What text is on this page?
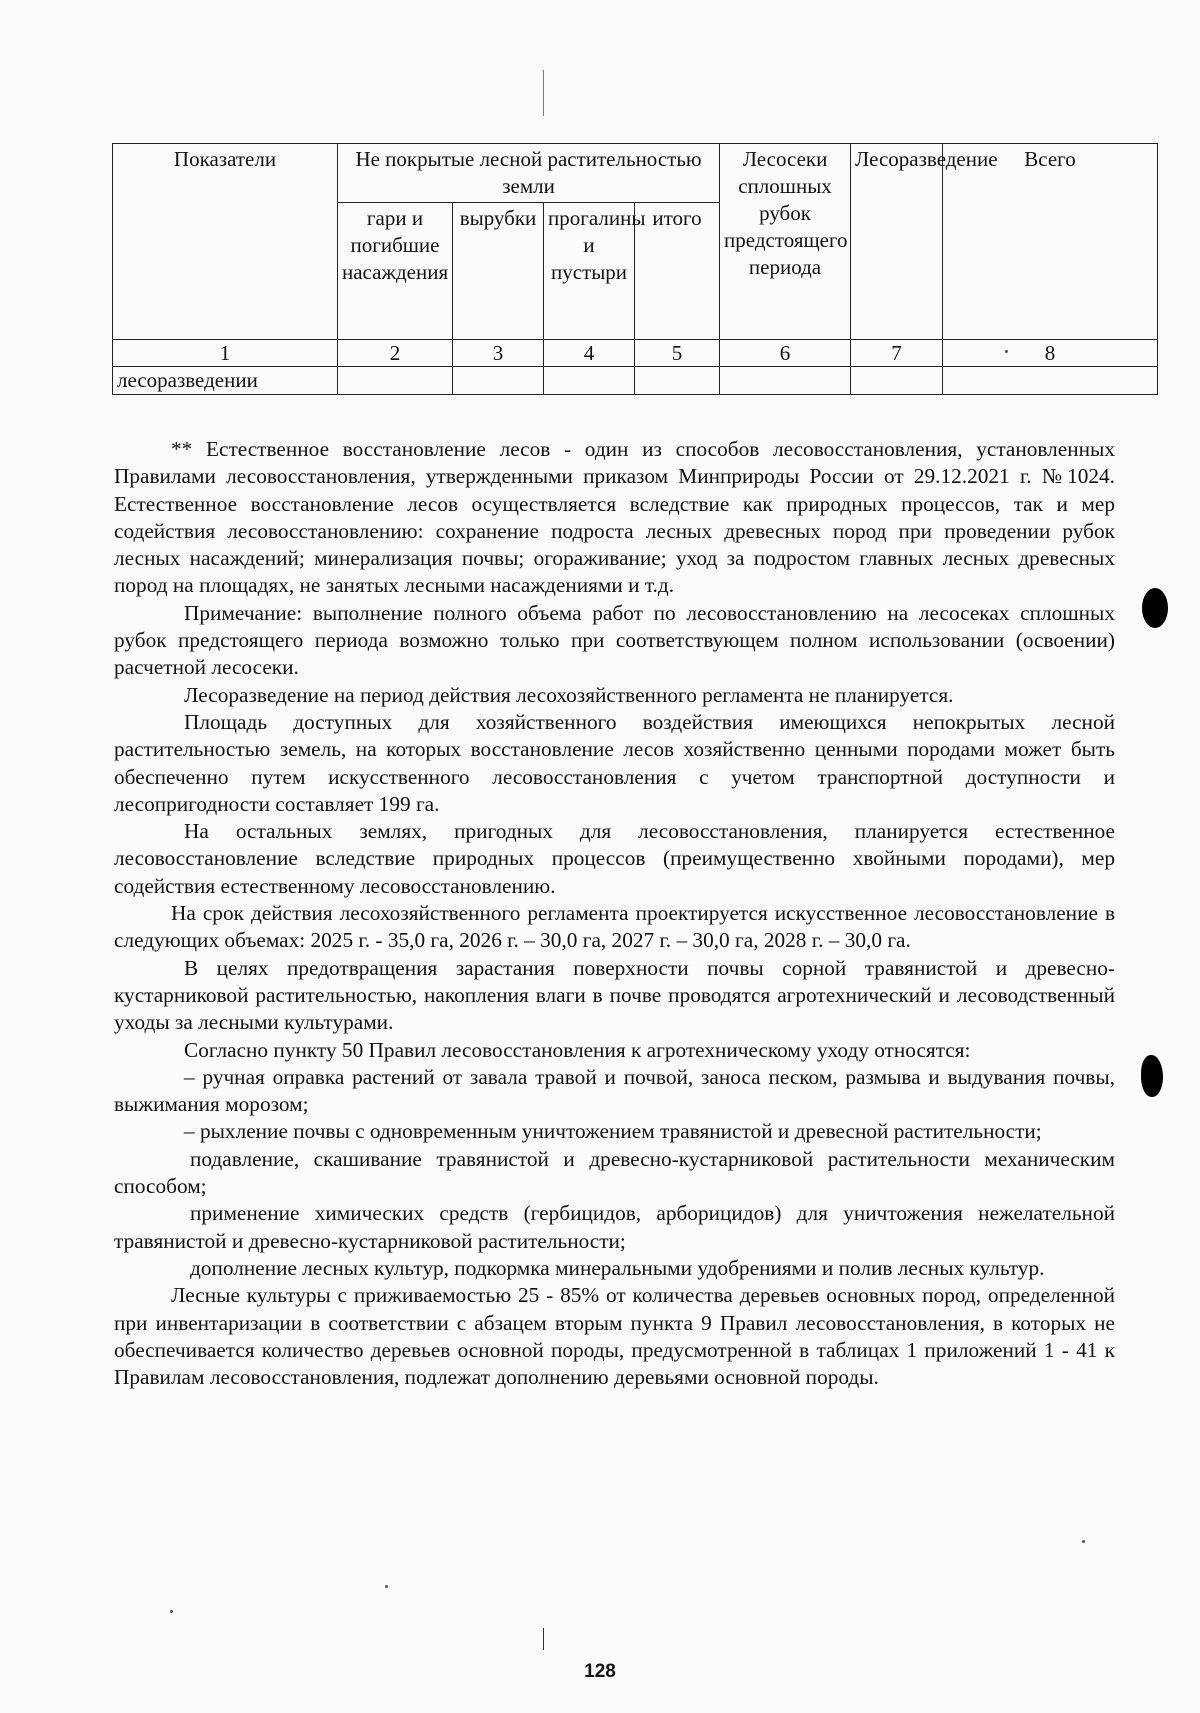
Показатели	Не покрытые лесной растительностью земли				Лесосеки сплошных рубок предстоящего периода	Лесоразведение	Всего
	гари и погибшие насаждения	вырубки	прогалины и пустыри	итого			
1	2	3	4	5	6	7	8
лесоразведении							

** Естественное восстановление лесов - один из способов лесовосстановления, установленных Правилами лесовосстановления, утвержденными приказом Минприроды России от 29.12.2021 г. №1024. Естественное восстановление лесов осуществляется вследствие как природных процессов, так и мер содействия лесовосстановлению: сохранение подроста лесных древесных пород при проведении рубок лесных насаждений; минерализация почвы; огораживание; уход за подростом главных лесных древесных пород на площадях, не занятых лесными насаждениями и т.д.

Примечание: выполнение полного объема работ по лесовосстановлению на лесосеках сплошных рубок предстоящего периода возможно только при соответствующем полном использовании (освоении) расчетной лесосеки.

Лесоразведение на период действия лесохозяйственного регламента не планируется.

Площадь доступных для хозяйственного воздействия имеющихся непокрытых лесной растительностью земель, на которых восстановление лесов хозяйственно ценными породами может быть обеспеченно путем искусственного лесовосстановления с учетом транспортной доступности и лесопригодности составляет 199 га.

На остальных землях, пригодных для лесовосстановления, планируется естественное лесовосстановление вследствие природных процессов (преимущественно хвойными породами), мер содействия естественному лесовосстановлению.

На срок действия лесохозяйственного регламента проектируется искусственное лесовосстановление в следующих объемах: 2025 г. - 35,0 га, 2026 г. – 30,0 га, 2027 г. – 30,0 га, 2028 г. – 30,0 га.

В целях предотвращения зарастания поверхности почвы сорной травянистой и древесно-кустарниковой растительностью, накопления влаги в почве проводятся агротехнический и лесоводственный уходы за лесными культурами.

Согласно пункту 50 Правил лесовосстановления к агротехническому уходу относятся:

– ручная оправка растений от завала травой и почвой, заноса песком, размыва и выдувания почвы, выжимания морозом;

– рыхление почвы с одновременным уничтожением травянистой и древесной растительности;

подавление, скашивание травянистой и древесно-кустарниковой растительности механическим способом;

применение химических средств (гербицидов, арборицидов) для уничтожения нежелательной травянистой и древесно-кустарниковой растительности;

дополнение лесных культур, подкормка минеральными удобрениями и полив лесных культур.

Лесные культуры с приживаемостью 25 - 85% от количества деревьев основных пород, определенной при инвентаризации в соответствии с абзацем вторым пункта 9 Правил лесовосстановления, в которых не обеспечивается количество деревьев основной породы, предусмотренной в таблицах 1 приложений 1 - 41 к Правилам лесовосстановления, подлежат дополнению деревьями основной породы.

128
